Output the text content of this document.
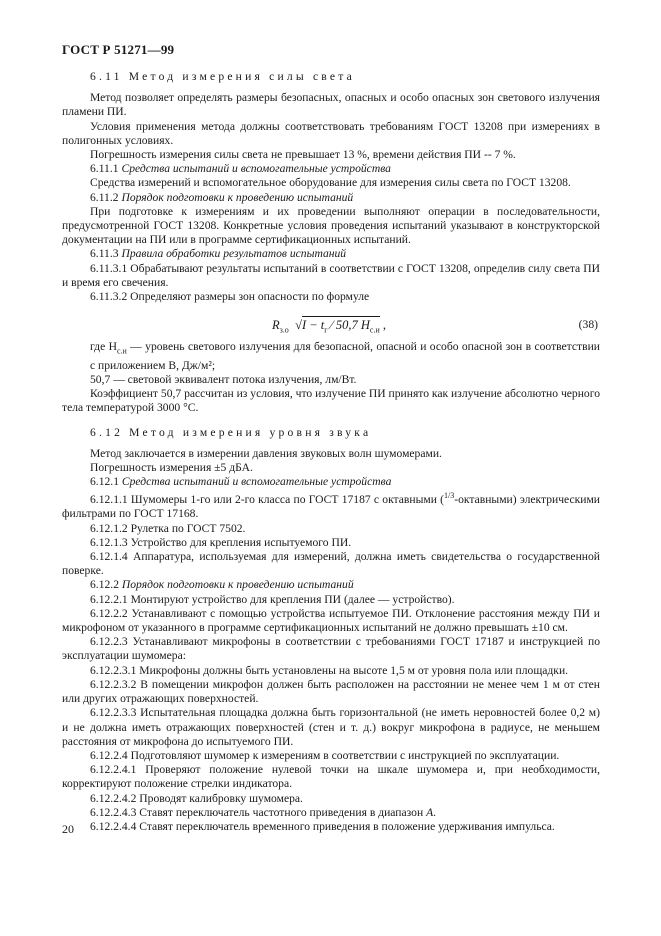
ГОСТ Р 51271—99

6.11 Метод измерения силы света

Метод позволяет определять размеры безопасных, опасных и особо опасных зон светового излучения пламени ПИ.

Условия применения метода должны соответствовать требованиям ГОСТ 13208 при измерениях в полигонных условиях.

Погрешность измерения силы света не превышает 13 %, времени действия ПИ -- 7 %.

6.11.1 Средства испытаний и вспомогательные устройства

Средства измерений и вспомогательное оборудование для измерения силы света по ГОСТ 13208.

6.11.2 Порядок подготовки к проведению испытаний

При подготовке к измерениям и их проведении выполняют операции в последовательности, предусмотренной ГОСТ 13208. Конкретные условия проведения испытаний указывают в конструкторской документации на ПИ или в программе сертификационных испытаний.

6.11.3 Правила обработки результатов испытаний

6.11.3.1 Обрабатывают результаты испытаний в соответствии с ГОСТ 13208, определив силу света ПИ и время его свечения.

6.11.3.2 Определяют размеры зон опасности по формуле

$R_{з.о}$  $√I - t_г$ ⁄ 50,7 $H_{с.и}$ ,	(38)

где $H_{с.и}$ — уровень светового излучения для безопасной, опасной и особо опасной зон в соответствии с приложением В, Дж/м²;

50,7 — световой эквивалент потока излучения, лм/Вт.

Коэффициент 50,7 рассчитан из условия, что излучение ПИ принято как излучение абсолютно черного тела температурой 3000 °С.

6.12 Метод измерения уровня звука

Метод заключается в измерении давления звуковых волн шумомерами.

Погрешность измерения ±5 дБА.

6.12.1 Средства испытаний и вспомогательные устройства

6.12.1.1 Шумомеры 1-го или 2-го класса по ГОСТ 17187 с октавными ($^{1/3}$-октавными) электрическими фильтрами по ГОСТ 17168.

6.12.1.2 Рулетка по ГОСТ 7502.

6.12.1.3 Устройство для крепления испытуемого ПИ.

6.12.1.4 Аппаратура, используемая для измерений, должна иметь свидетельства о государственной поверке.

6.12.2 Порядок подготовки к проведению испытаний

6.12.2.1 Монтируют устройство для крепления ПИ (далее — устройство).

6.12.2.2 Устанавливают с помощью устройства испытуемое ПИ. Отклонение расстояния между ПИ и микрофоном от указанного в программе сертификационных испытаний не должно превышать ±10 см.

6.12.2.3 Устанавливают микрофоны в соответствии с требованиями ГОСТ 17187 и инструкцией по эксплуатации шумомера:

6.12.2.3.1 Микрофоны должны быть установлены на высоте 1,5 м от уровня пола или площадки.

6.12.2.3.2 В помещении микрофон должен быть расположен на расстоянии не менее чем 1 м от стен или других отражающих поверхностей.

6.12.2.3.3 Испытательная площадка должна быть горизонтальной (не иметь неровностей более 0,2 м) и не должна иметь отражающих поверхностей (стен и т. д.) вокруг микрофона в радиусе, не меньшем расстояния от микрофона до испытуемого ПИ.

6.12.2.4 Подготовляют шумомер к измерениям в соответствии с инструкцией по эксплуатации.

6.12.2.4.1 Проверяют положение нулевой точки на шкале шумомера и, при необходимости, корректируют положение стрелки индикатора.

6.12.2.4.2 Проводят калибровку шумомера.

6.12.2.4.3 Ставят переключатель частотного приведения в диапазон А.

6.12.2.4.4 Ставят переключатель временного приведения в положение удерживания импульса.

20
